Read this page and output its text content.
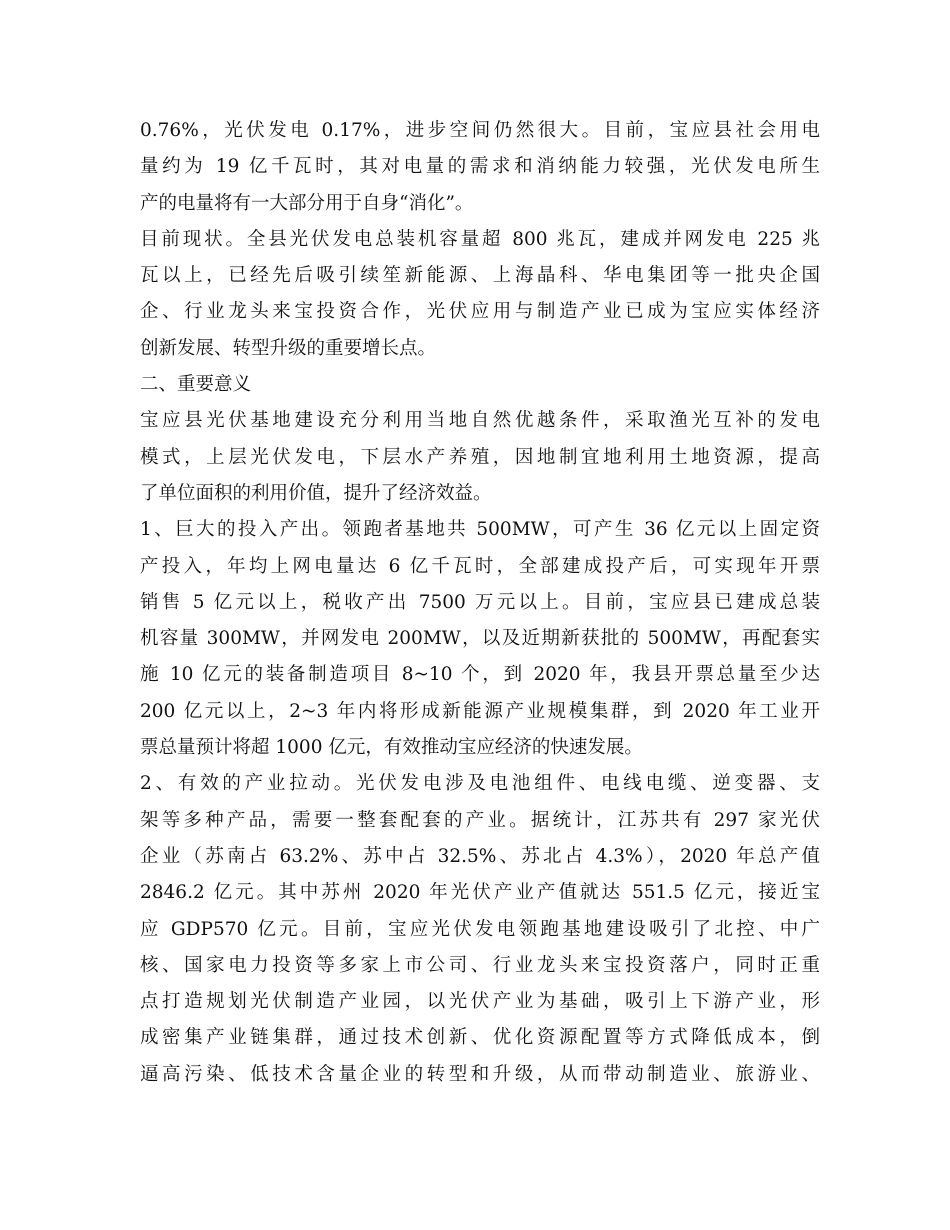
0.76%，光伏发电 0.17%，进步空间仍然很大。目前，宝应县社会用电
量约为 19 亿千瓦时，其对电量的需求和消纳能力较强，光伏发电所生
产的电量将有一大部分用于自身“消化”。
目前现状。全县光伏发电总装机容量超 800 兆瓦，建成并网发电 225 兆
瓦以上，已经先后吸引续笙新能源、上海晶科、华电集团等一批央企国
企、行业龙头来宝投资合作，光伏应用与制造产业已成为宝应实体经济
创新发展、转型升级的重要增长点。
二、重要意义
宝应县光伏基地建设充分利用当地自然优越条件，采取渔光互补的发电
模式，上层光伏发电，下层水产养殖，因地制宜地利用土地资源，提高
了单位面积的利用价值，提升了经济效益。
1、巨大的投入产出。领跑者基地共 500MW，可产生 36 亿元以上固定资
产投入，年均上网电量达 6 亿千瓦时，全部建成投产后，可实现年开票
销售 5 亿元以上，税收产出 7500 万元以上。目前，宝应县已建成总装
机容量 300MW，并网发电 200MW，以及近期新获批的 500MW，再配套实
施 10 亿元的装备制造项目 8~10 个，到 2020 年，我县开票总量至少达
200 亿元以上，2~3 年内将形成新能源产业规模集群，到 2020 年工业开
票总量预计将超 1000 亿元，有效推动宝应经济的快速发展。
2、有效的产业拉动。光伏发电涉及电池组件、电线电缆、逆变器、支
架等多种产品，需要一整套配套的产业。据统计，江苏共有 297 家光伏
企业（苏南占 63.2%、苏中占 32.5%、苏北占 4.3%），2020 年总产值
2846.2 亿元。其中苏州 2020 年光伏产业产值就达 551.5 亿元，接近宝
应 GDP570 亿元。目前，宝应光伏发电领跑基地建设吸引了北控、中广
核、国家电力投资等多家上市公司、行业龙头来宝投资落户，同时正重
点打造规划光伏制造产业园，以光伏产业为基础，吸引上下游产业，形
成密集产业链集群，通过技术创新、优化资源配置等方式降低成本，倒
逼高污染、低技术含量企业的转型和升级，从而带动制造业、旅游业、
